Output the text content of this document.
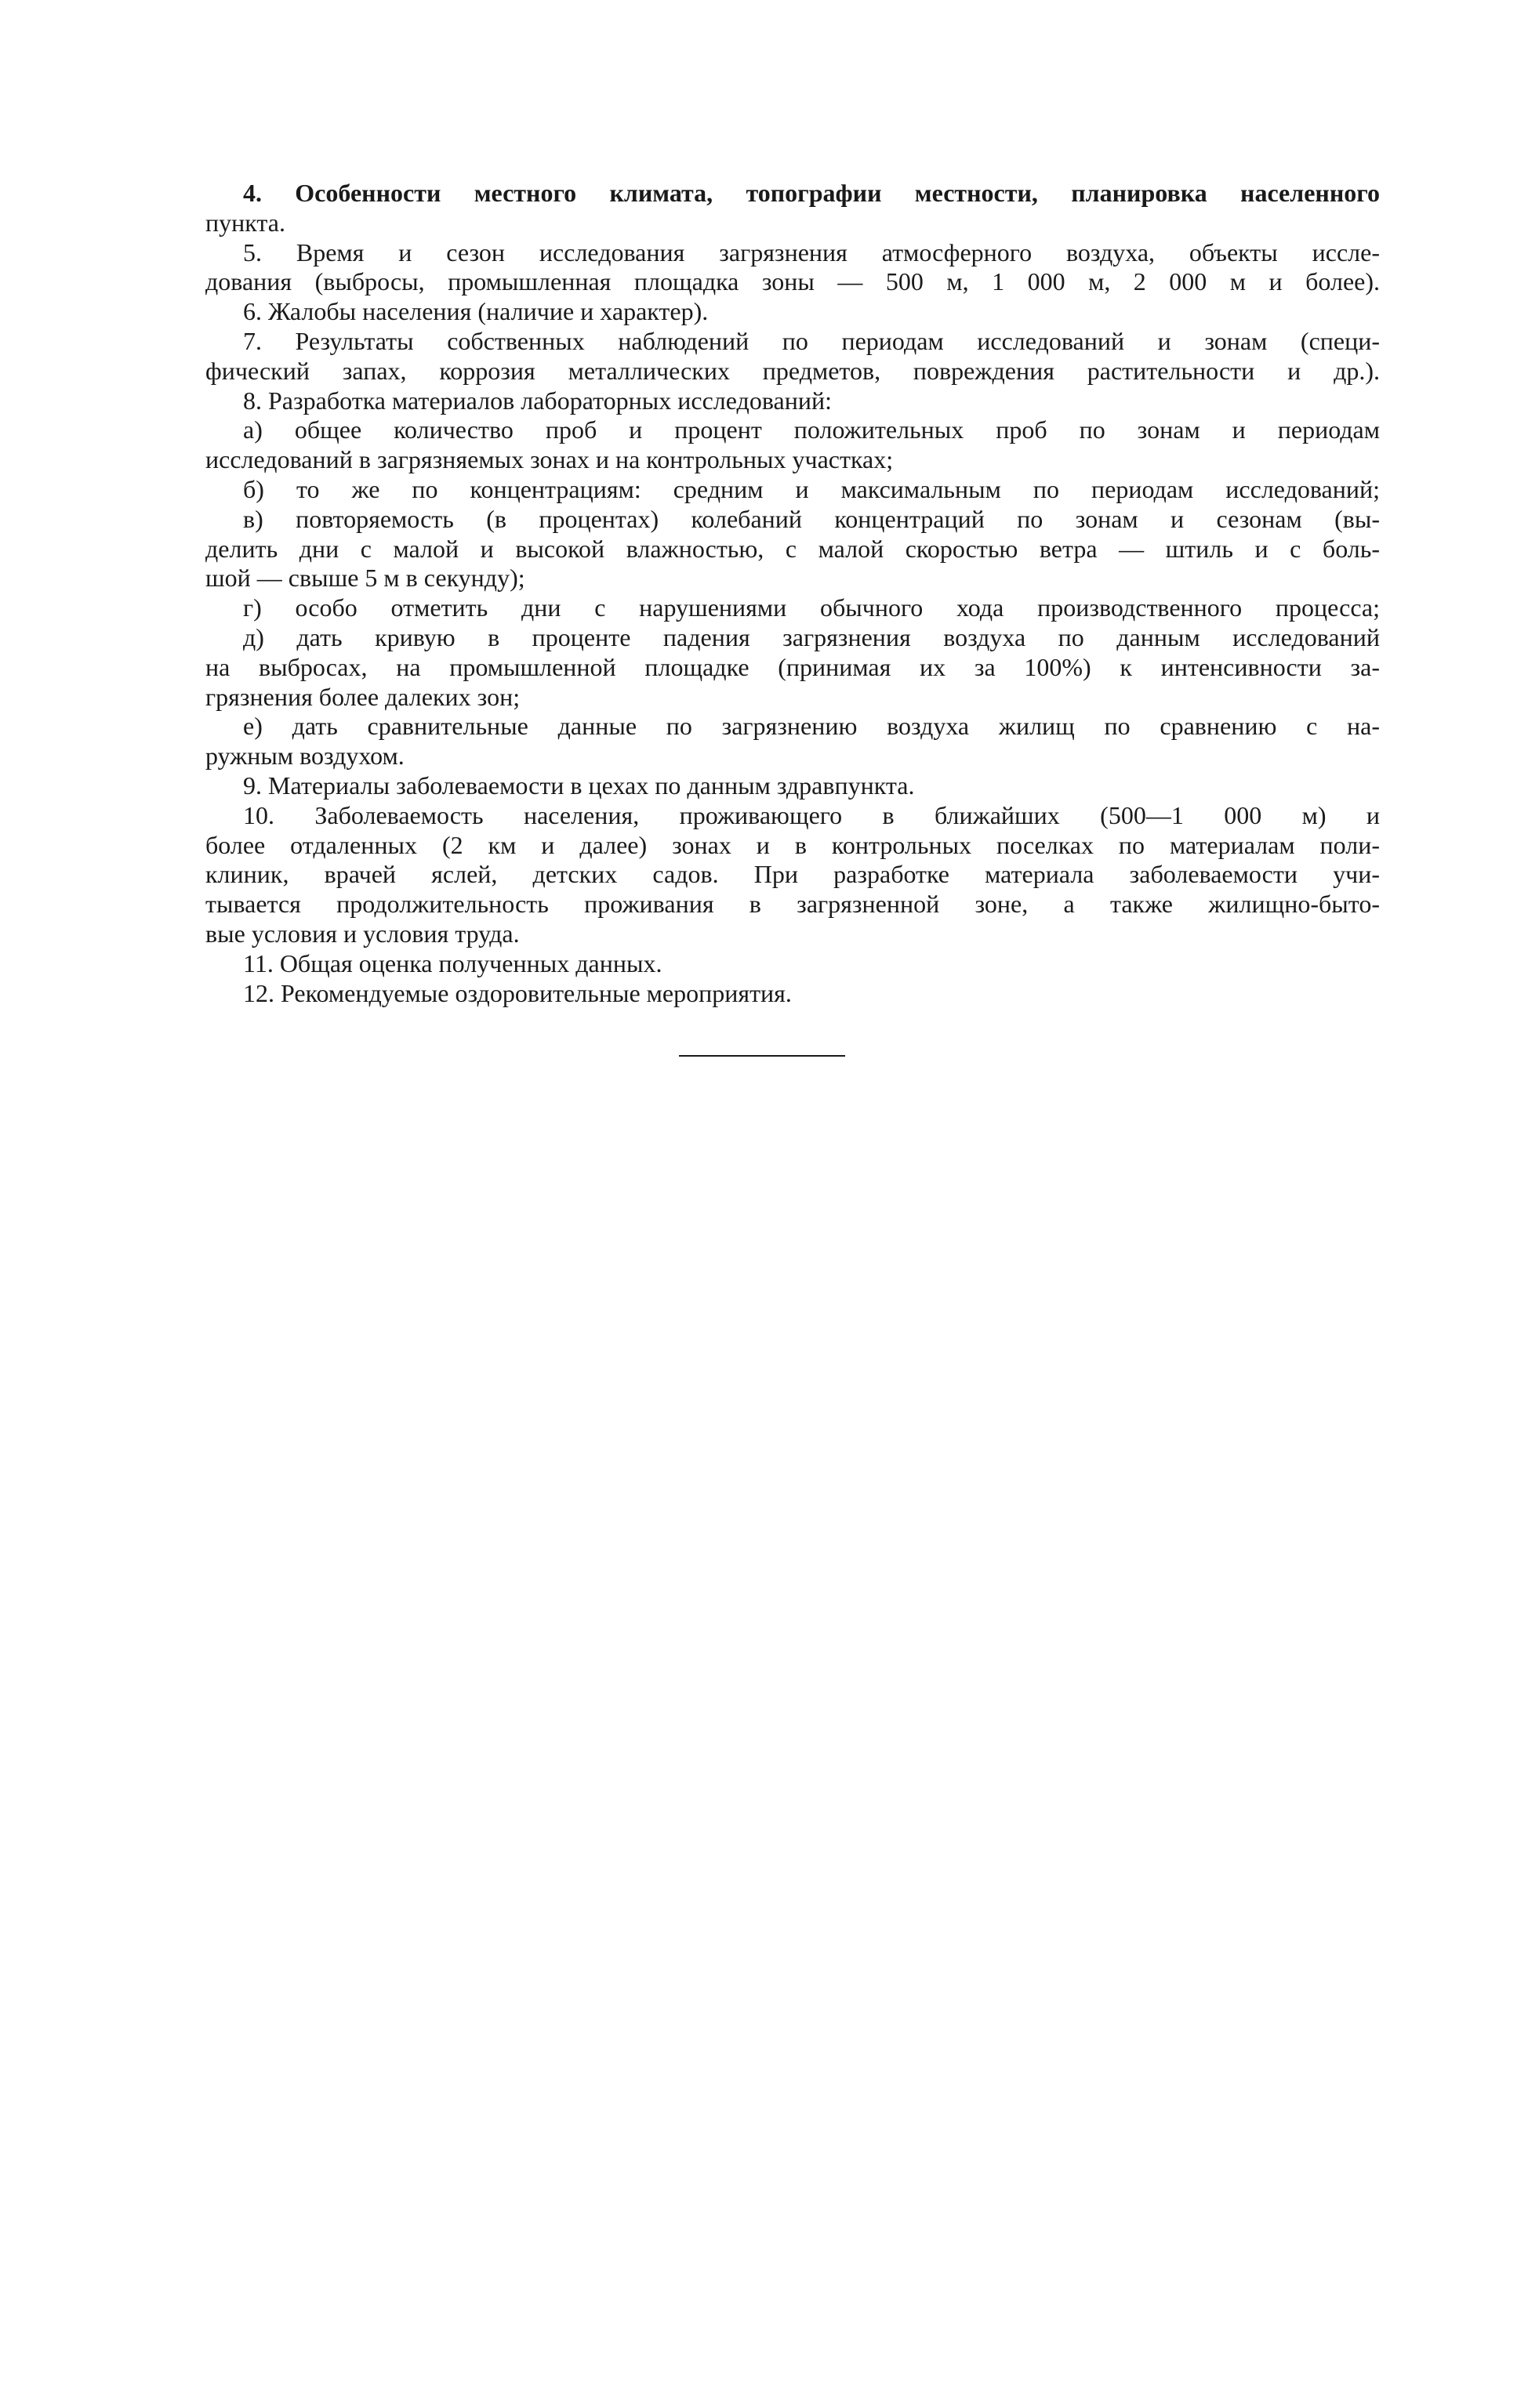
4. Особенности местного климата, топографии местности, планировка населенного
пункта.
5. Время и сезон исследования загрязнения атмосферного воздуха, объекты иссле-
дования (выбросы, промышленная площадка зоны — 500 м, 1 000 м, 2 000 м и более).
6. Жалобы населения (наличие и характер).
7. Результаты собственных наблюдений по периодам исследований и зонам (специ-
фический запах, коррозия металлических предметов, повреждения растительности и др.).
8. Разработка материалов лабораторных исследований:
а) общее количество проб и процент положительных проб по зонам и периодам
исследований в загрязняемых зонах и на контрольных участках;
б) то же по концентрациям: средним и максимальным по периодам исследований;
в) повторяемость (в процентах) колебаний концентраций по зонам и сезонам (вы-
делить дни с малой и высокой влажностью, с малой скоростью ветра — штиль и с боль-
шой — свыше 5 м в секунду);
г) особо отметить дни с нарушениями обычного хода производственного процесса;
д) дать кривую в проценте падения загрязнения воздуха по данным исследований
на выбросах, на промышленной площадке (принимая их за 100%) к интенсивности за-
грязнения более далеких зон;
е) дать сравнительные данные по загрязнению воздуха жилищ по сравнению с на-
ружным воздухом.
9. Материалы заболеваемости в цехах по данным здравпункта.
10. Заболеваемость населения, проживающего в ближайших (500—1 000 м) и
более отдаленных (2 км и далее) зонах и в контрольных поселках по материалам поли-
клиник, врачей яслей, детских садов. При разработке материала заболеваемости учи-
тывается продолжительность проживания в загрязненной зоне, а также жилищно-быто-
вые условия и условия труда.
11. Общая оценка полученных данных.
12. Рекомендуемые оздоровительные мероприятия.
